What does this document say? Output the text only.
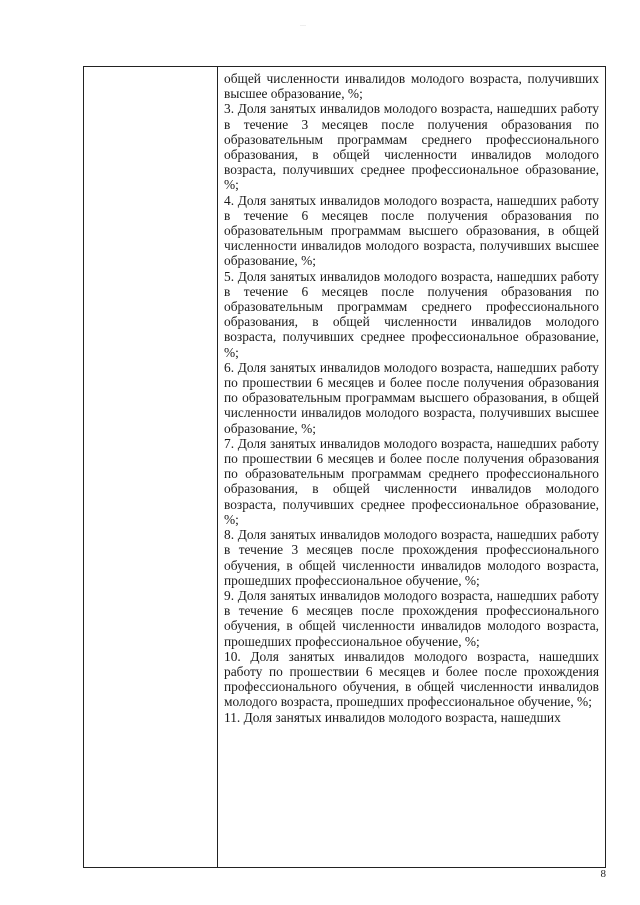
…

общей численности инвалидов молодого возраста, получивших высшее образование, %;

3. Доля занятых инвалидов молодого возраста, нашедших работу в течение 3 месяцев после получения образования по образовательным программам среднего профессионального образования, в общей численности инвалидов молодого возраста, получивших среднее профессиональное образование, %;

4. Доля занятых инвалидов молодого возраста, нашедших работу в течение 6 месяцев после получения образования по образовательным программам высшего образования, в общей численности инвалидов молодого возраста, получивших высшее образование, %;

5. Доля занятых инвалидов молодого возраста, нашедших работу в течение 6 месяцев после получения образования по образовательным программам среднего профессионального образования, в общей численности инвалидов молодого возраста, получивших среднее профессиональное образование, %;

6. Доля занятых инвалидов молодого возраста, нашедших работу по прошествии 6 месяцев и более после получения образования по образовательным программам высшего образования, в общей численности инвалидов молодого возраста, получивших высшее образование, %;

7. Доля занятых инвалидов молодого возраста, нашедших работу по прошествии 6 месяцев и более после получения образования по образовательным программам среднего профессионального образования, в общей численности инвалидов молодого возраста, получивших среднее профессиональное образование, %;

8. Доля занятых инвалидов молодого возраста, нашедших работу в течение 3 месяцев после прохождения профессионального обучения, в общей численности инвалидов молодого возраста, прошедших профессиональное обучение, %;

9. Доля занятых инвалидов молодого возраста, нашедших работу в течение 6 месяцев после прохождения профессионального обучения, в общей численности инвалидов молодого возраста, прошедших профессиональное обучение, %;

10. Доля занятых инвалидов молодого возраста, нашедших работу по прошествии 6 месяцев и более после прохождения профессионального обучения, в общей численности инвалидов молодого возраста, прошедших профессиональное обучение, %;

11. Доля занятых инвалидов молодого возраста, нашедших

8
